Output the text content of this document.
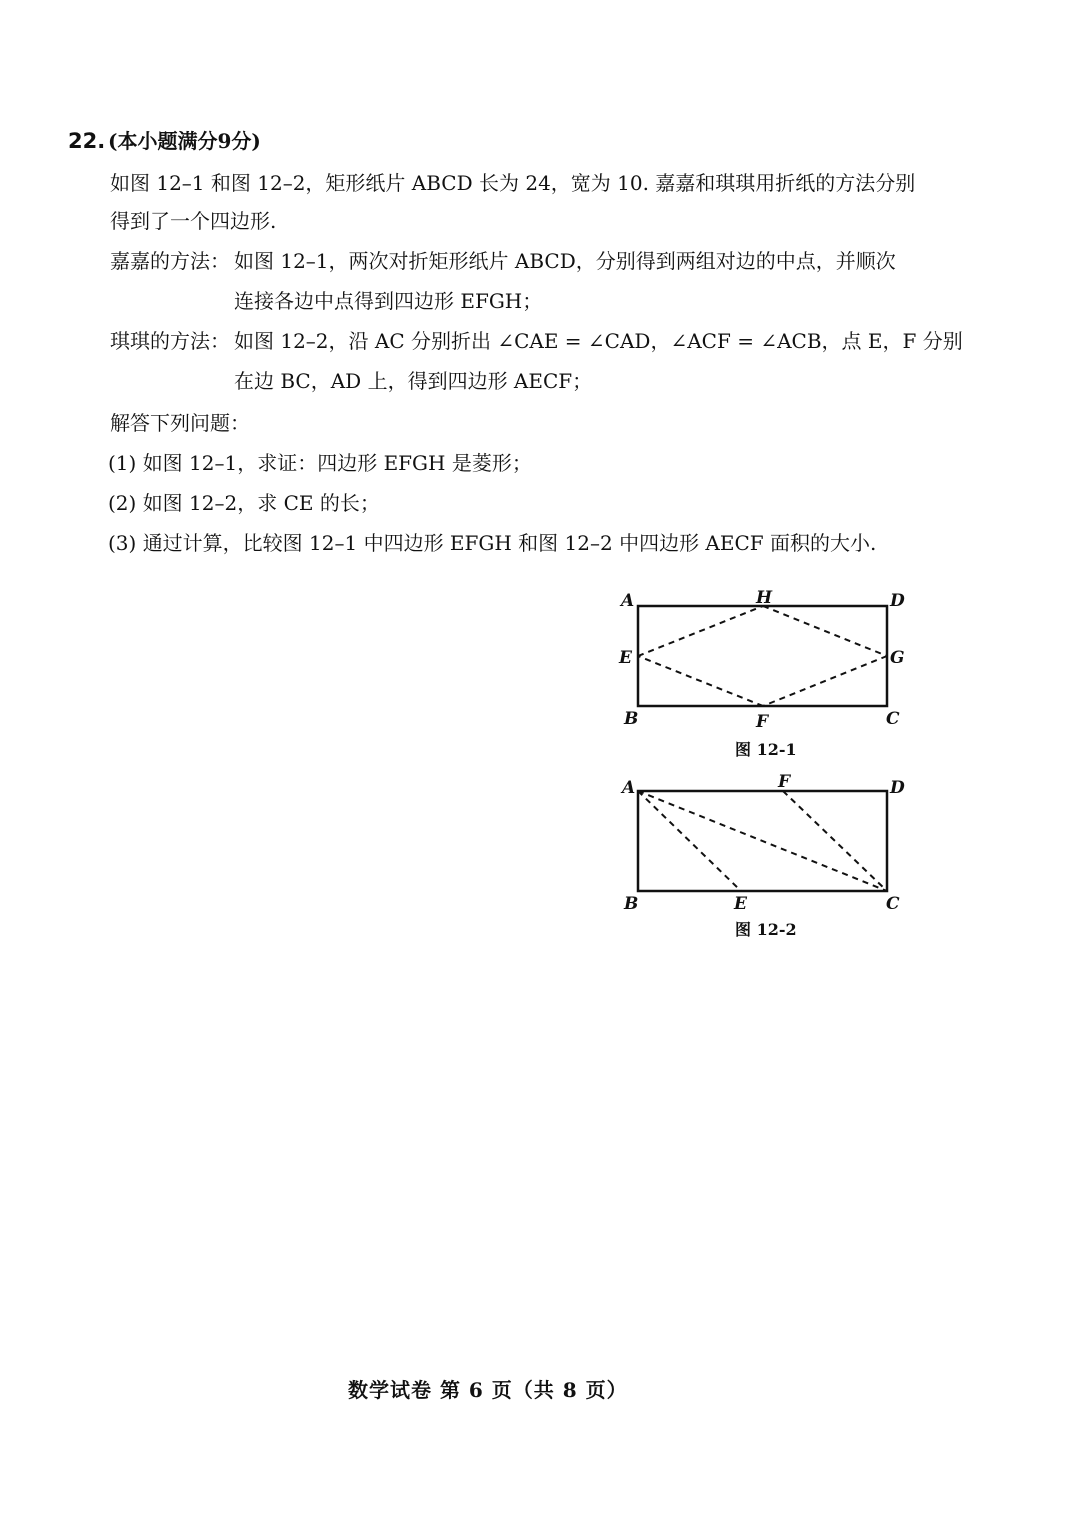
22. (本小题满分9分)
如图 12–1 和图 12–2，矩形纸片 ABCD 长为 24，宽为 10. 嘉嘉和琪琪用折纸的方法分别
得到了一个四边形.
嘉嘉的方法： 如图 12–1，两次对折矩形纸片 ABCD，分别得到两组对边的中点，并顺次
连接各边中点得到四边形 EFGH；
琪琪的方法： 如图 12–2，沿 AC 分别折出 ∠CAE = ∠CAD，∠ACF = ∠ACB，点 E，F 分别
在边 BC，AD 上，得到四边形 AECF；
解答下列问题：
(1) 如图 12–1，求证：四边形 EFGH 是菱形；
(2) 如图 12–2，求 CE 的长；
(3) 通过计算，比较图 12–1 中四边形 EFGH 和图 12–2 中四边形 AECF 面积的大小.
A	H	D
E	G
B	F	C
图 12-1
A	F	D
B	E	C
图 12-2
数学试卷 第 6 页（共 8 页）
